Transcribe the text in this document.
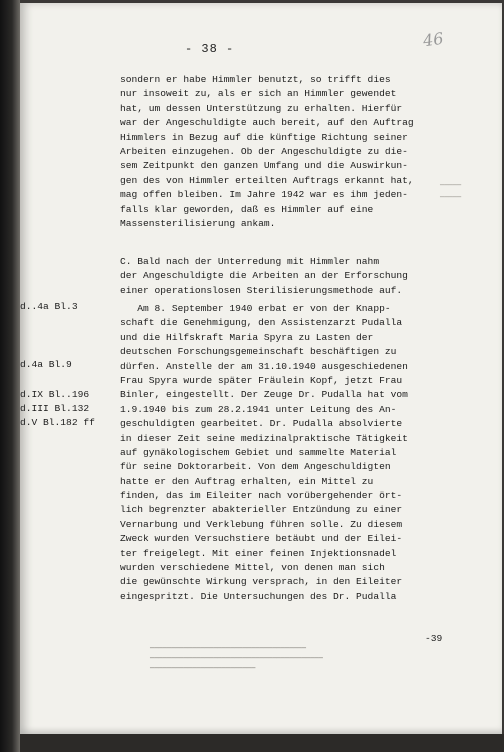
- 38 -	46
sondern er habe Himmler benutzt, so trifft dies
nur insoweit zu, als er sich an Himmler gewendet
hat, um dessen Unterstützung zu erhalten. Hierfür
war der Angeschuldigte auch bereit, auf den Auftrag
Himmlers in Bezug auf die künftige Richtung seiner
Arbeiten einzugehen. Ob der Angeschuldigte zu die-
sem Zeitpunkt den ganzen Umfang und die Auswirkun-
gen des von Himmler erteilten Auftrags erkannt hat,
mag offen bleiben. Im Jahre 1942 war es ihm jeden-
falls klar geworden, daß es Himmler auf eine
Massensterilisierung ankam.
C. Bald nach der Unterredung mit Himmler nahm
der Angeschuldigte die Arbeiten an der Erforschung
einer operationslosen Sterilisierungsmethode auf.
Am 8. September 1940 erbat er von der Knapp-
schaft die Genehmigung, den Assistenzarzt Pudalla
und die Hilfskraft Maria Spyra zu Lasten der
deutschen Forschungsgemeinschaft beschäftigen zu
dürfen. Anstelle der am 31.10.1940 ausgeschiedenen
Frau Spyra wurde später Fräulein Kopf, jetzt Frau
Binler, eingestellt. Der Zeuge Dr. Pudalla hat vom
1.9.1940 bis zum 28.2.1941 unter Leitung des An-
geschuldigten gearbeitet. Dr. Pudalla absolvierte
in dieser Zeit seine medizinalpraktische Tätigkeit
auf gynäkologischem Gebiet und sammelte Material
für seine Doktorarbeit. Von dem Angeschuldigten
hatte er den Auftrag erhalten, ein Mittel zu
finden, das im Eileiter nach vorübergehender ört-
lich begrenzter abakterieller Entzündung zu einer
Vernarbung und Verklebung führen solle. Zu diesem
Zweck wurden Versuchstiere betäubt und der Eilei-
ter freigelegt. Mit einer feinen Injektionsnadel
wurden verschiedene Mittel, von denen man sich
die gewünschte Wirkung versprach, in den Eileiter
eingespritzt. Die Untersuchungen des Dr. Pudalla
d..4a Bl.3
d.4a Bl.9
d.IX Bl..196
d.III Bl.132
d.V Bl.182 ff
-39
━━━━━━━━━━━━━━━━━━━━━━━━━━━━━━━━━━━━━
━━━━━━━━━━━━━━━━━━━━━━━━━━━━━━━━━━━━━━━━━
━━━━━━━━━━━━━━━━━━━━━━━━━
━━━━━
━━━━━
